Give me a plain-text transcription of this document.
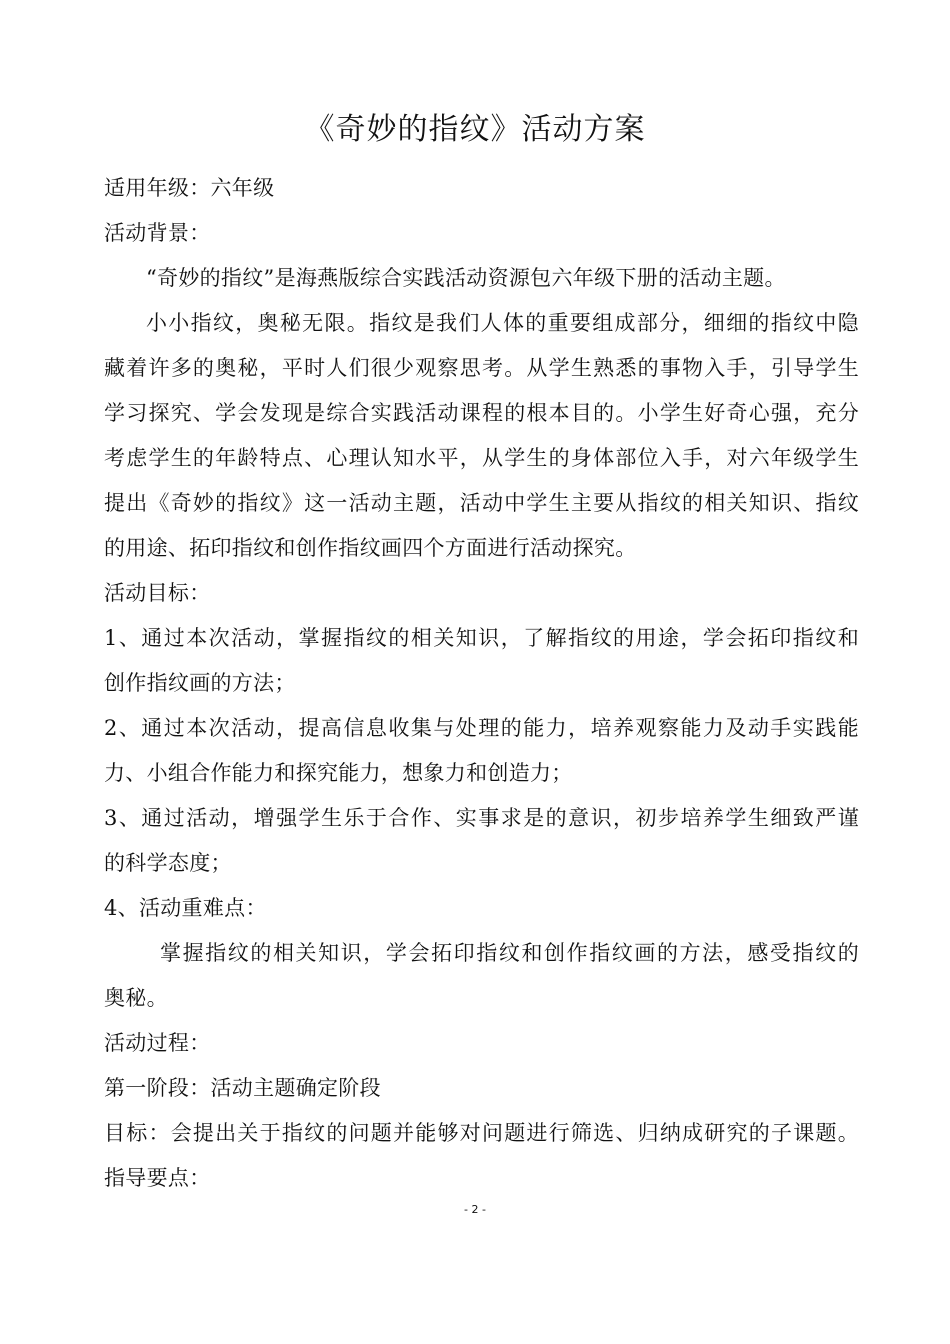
《奇妙的指纹》活动方案
适用年级：六年级
活动背景：
“奇妙的指纹”是海燕版综合实践活动资源包六年级下册的活动主题。
小小指纹，奥秘无限。指纹是我们人体的重要组成部分，细细的指纹中隐
藏着许多的奥秘，平时人们很少观察思考。从学生熟悉的事物入手，引导学生
学习探究、学会发现是综合实践活动课程的根本目的。小学生好奇心强，充分
考虑学生的年龄特点、心理认知水平，从学生的身体部位入手，对六年级学生
提出《奇妙的指纹》这一活动主题，活动中学生主要从指纹的相关知识、指纹
的用途、拓印指纹和创作指纹画四个方面进行活动探究。
活动目标：
1、通过本次活动，掌握指纹的相关知识，了解指纹的用途，学会拓印指纹和
创作指纹画的方法；
2、通过本次活动，提高信息收集与处理的能力，培养观察能力及动手实践能
力、小组合作能力和探究能力，想象力和创造力；
3、通过活动，增强学生乐于合作、实事求是的意识，初步培养学生细致严谨
的科学态度；
4、活动重难点：
掌握指纹的相关知识，学会拓印指纹和创作指纹画的方法，感受指纹的
奥秘。
活动过程：
第一阶段：活动主题确定阶段
目标：会提出关于指纹的问题并能够对问题进行筛选、归纳成研究的子课题。
指导要点：
- 2 -
